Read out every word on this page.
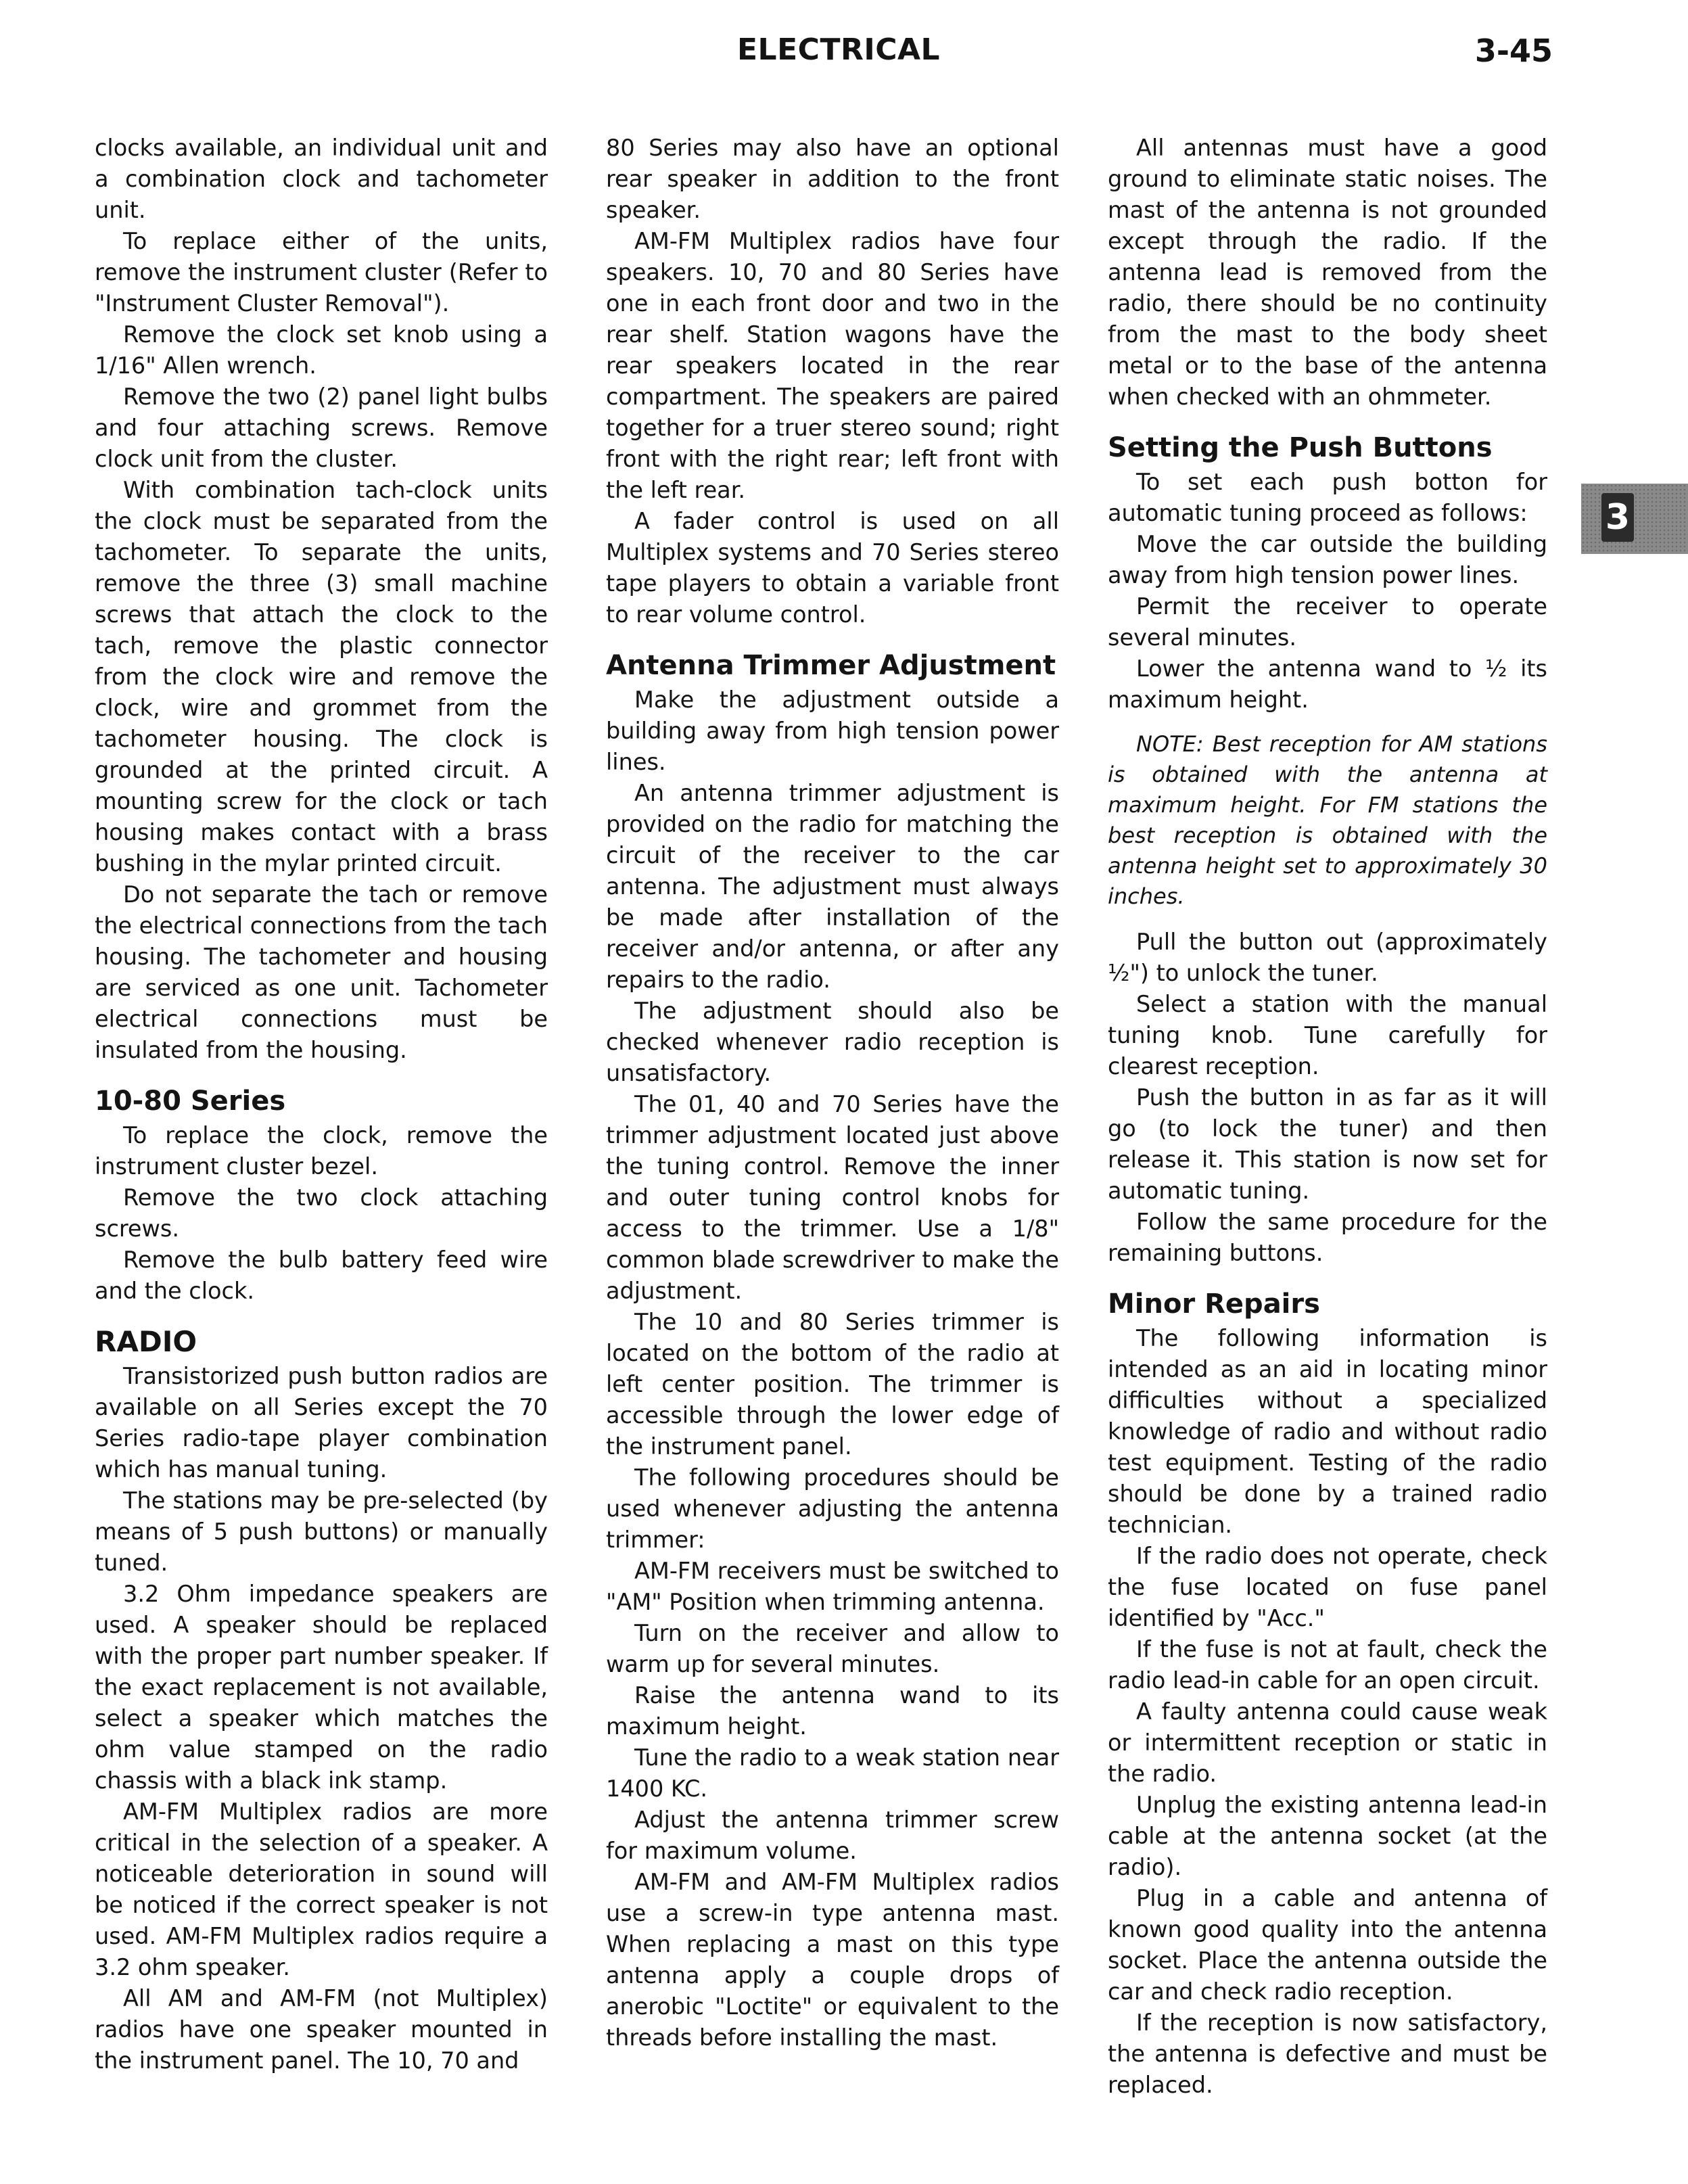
ELECTRICAL	3-45
3

clocks available, an individual unit and a combination clock and tachometer unit.

To replace either of the units, remove the instrument cluster (Refer to "Instrument Cluster Removal").

Remove the clock set knob using a 1/16" Allen wrench.

Remove the two (2) panel light bulbs and four attaching screws. Remove clock unit from the cluster.

With combination tach-clock units the clock must be separated from the tachometer. To separate the units, remove the three (3) small machine screws that attach the clock to the tach, remove the plastic connector from the clock wire and remove the clock, wire and grommet from the tachometer housing. The clock is grounded at the printed circuit. A mounting screw for the clock or tach housing makes contact with a brass bushing in the mylar printed circuit.

Do not separate the tach or remove the electrical connections from the tach housing. The tachometer and housing are serviced as one unit. Tachometer electrical connections must be insulated from the housing.

10-80 Series

To replace the clock, remove the instrument cluster bezel.

Remove the two clock attaching screws.

Remove the bulb battery feed wire and the clock.

RADIO

Transistorized push button radios are available on all Series except the 70 Series radio-tape player combination which has manual tuning.

The stations may be pre-selected (by means of 5 push buttons) or manually tuned.

3.2 Ohm impedance speakers are used. A speaker should be replaced with the proper part number speaker. If the exact replacement is not available, select a speaker which matches the ohm value stamped on the radio chassis with a black ink stamp.

AM-FM Multiplex radios are more critical in the selection of a speaker. A noticeable deterioration in sound will be noticed if the correct speaker is not used. AM-FM Multiplex radios require a 3.2 ohm speaker.

All AM and AM-FM (not Multiplex) radios have one speaker mounted in the instrument panel. The 10, 70 and

80 Series may also have an optional rear speaker in addition to the front speaker.

AM-FM Multiplex radios have four speakers. 10, 70 and 80 Series have one in each front door and two in the rear shelf. Station wagons have the rear speakers located in the rear compartment. The speakers are paired together for a truer stereo sound; right front with the right rear; left front with the left rear.

A fader control is used on all Multiplex systems and 70 Series stereo tape players to obtain a variable front to rear volume control.

Antenna Trimmer Adjustment

Make the adjustment outside a building away from high tension power lines.

An antenna trimmer adjustment is provided on the radio for matching the circuit of the receiver to the car antenna. The adjustment must always be made after installation of the receiver and/or antenna, or after any repairs to the radio.

The adjustment should also be checked whenever radio reception is unsatisfactory.

The 01, 40 and 70 Series have the trimmer adjustment located just above the tuning control. Remove the inner and outer tuning control knobs for access to the trimmer. Use a 1/8" common blade screwdriver to make the adjustment.

The 10 and 80 Series trimmer is located on the bottom of the radio at left center position. The trimmer is accessible through the lower edge of the instrument panel.

The following procedures should be used whenever adjusting the antenna trimmer:

AM-FM receivers must be switched to "AM" Position when trimming antenna.

Turn on the receiver and allow to warm up for several minutes.

Raise the antenna wand to its maximum height.

Tune the radio to a weak station near 1400 KC.

Adjust the antenna trimmer screw for maximum volume.

AM-FM and AM-FM Multiplex radios use a screw-in type antenna mast. When replacing a mast on this type antenna apply a couple drops of anerobic "Loctite" or equivalent to the threads before installing the mast.

All antennas must have a good ground to eliminate static noises. The mast of the antenna is not grounded except through the radio. If the antenna lead is removed from the radio, there should be no continuity from the mast to the body sheet metal or to the base of the antenna when checked with an ohmmeter.

Setting the Push Buttons

To set each push botton for automatic tuning proceed as follows:

Move the car outside the building away from high tension power lines.

Permit the receiver to operate several minutes.

Lower the antenna wand to ½ its maximum height.

NOTE: Best reception for AM stations is obtained with the antenna at maximum height. For FM stations the best reception is obtained with the antenna height set to approximately 30 inches.

Pull the button out (approximately ½") to unlock the tuner.

Select a station with the manual tuning knob. Tune carefully for clearest reception.

Push the button in as far as it will go (to lock the tuner) and then release it. This station is now set for automatic tuning.

Follow the same procedure for the remaining buttons.

Minor Repairs

The following information is intended as an aid in locating minor difficulties without a specialized knowledge of radio and without radio test equipment. Testing of the radio should be done by a trained radio technician.

If the radio does not operate, check the fuse located on fuse panel identified by "Acc."

If the fuse is not at fault, check the radio lead-in cable for an open circuit.

A faulty antenna could cause weak or intermittent reception or static in the radio.

Unplug the existing antenna lead-in cable at the antenna socket (at the radio).

Plug in a cable and antenna of known good quality into the antenna socket. Place the antenna outside the car and check radio reception.

If the reception is now satisfactory, the antenna is defective and must be replaced.
